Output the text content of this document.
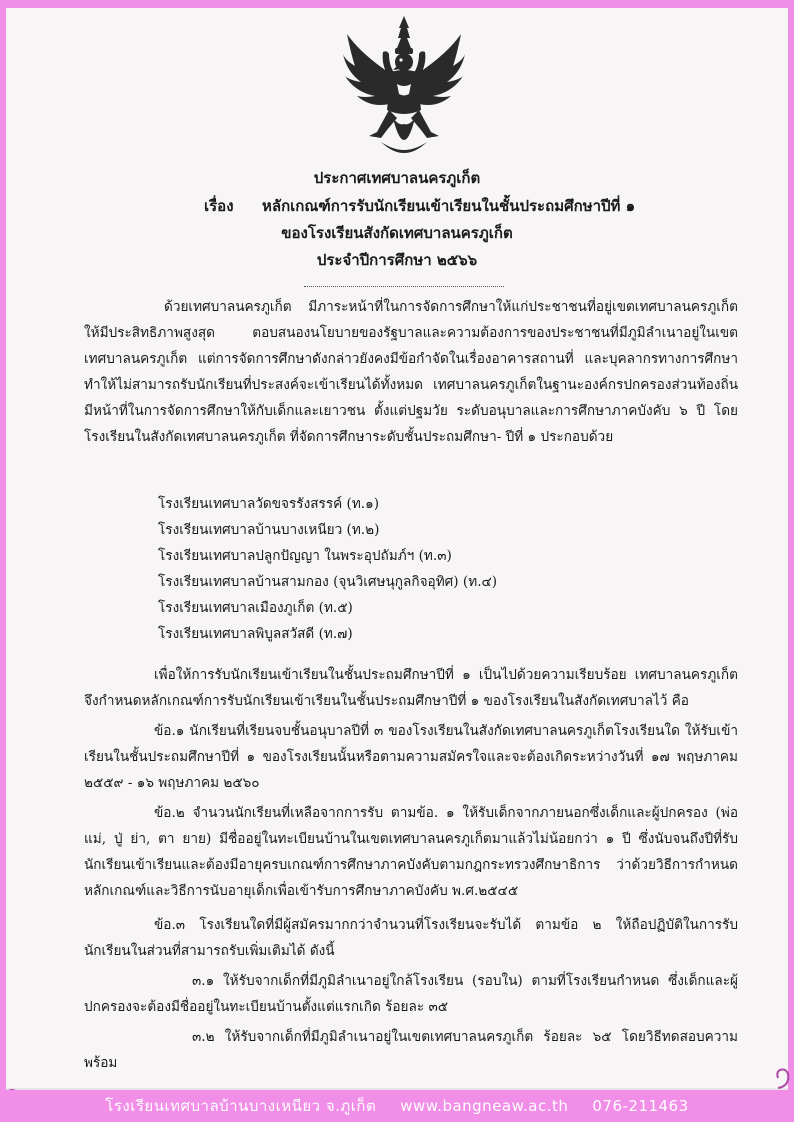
ประกาศเทศบาลนครภูเก็ต
เรื่อง หลักเกณฑ์การรับนักเรียนเข้าเรียนในชั้นประถมศึกษาปีที่ ๑
ของโรงเรียนสังกัดเทศบาลนครภูเก็ต
ประจำปีการศึกษา ๒๕๖๖

ด้วยเทศบาลนครภูเก็ต มีภาระหน้าที่ในการจัดการศึกษาให้แก่ประชาชนที่อยู่เขตเทศบาลนครภูเก็ต ให้มีประสิทธิภาพสูงสุด ตอบสนองนโยบายของรัฐบาลและความต้องการของประชาชนที่มีภูมิลำเนาอยู่ในเขตเทศบาลนครภูเก็ต แต่การจัดการศึกษาดังกล่าวยังคงมีข้อกำจัดในเรื่องอาคารสถานที่ และบุคลากรทางการศึกษา ทำให้ไม่สามารถรับนักเรียนที่ประสงค์จะเข้าเรียนได้ทั้งหมด เทศบาลนครภูเก็ตในฐานะองค์กรปกครองส่วนท้องถิ่น มีหน้าที่ในการจัดการศึกษาให้กับเด็กและเยาวชน ตั้งแต่ปฐมวัย ระดับอนุบาลและการศึกษาภาคบังคับ ๖ ปี โดยโรงเรียนในสังกัดเทศบาลนครภูเก็ต ที่จัดการศึกษาระดับชั้นประถมศึกษา- ปีที่ ๑ ประกอบด้วย

โรงเรียนเทศบาลวัดขจรรังสรรค์ (ท.๑)
โรงเรียนเทศบาลบ้านบางเหนียว (ท.๒)
โรงเรียนเทศบาลปลูกปัญญา ในพระอุปถัมภ์ฯ (ท.๓)
โรงเรียนเทศบาลบ้านสามกอง (จุนวิเศษนุกูลกิจอุทิศ) (ท.๔)
โรงเรียนเทศบาลเมืองภูเก็ต (ท.๕)
โรงเรียนเทศบาลพิบูลสวัสดี (ท.๗)

เพื่อให้การรับนักเรียนเข้าเรียนในชั้นประถมศึกษาปีที่ ๑ เป็นไปด้วยความเรียบร้อย เทศบาลนครภูเก็ต จึงกำหนดหลักเกณฑ์การรับนักเรียนเข้าเรียนในชั้นประถมศึกษาปีที่ ๑ ของโรงเรียนในสังกัดเทศบาลไว้ คือ

ข้อ.๑ นักเรียนที่เรียนจบชั้นอนุบาลปีที่ ๓ ของโรงเรียนในสังกัดเทศบาลนครภูเก็ตโรงเรียนใด ให้รับเข้าเรียนในชั้นประถมศึกษาปีที่ ๑ ของโรงเรียนนั้นหรือตามความสมัครใจและจะต้องเกิดระหว่างวันที่ ๑๗ พฤษภาคม ๒๕๕๙ - ๑๖ พฤษภาคม ๒๕๖๐

ข้อ.๒ จำนวนนักเรียนที่เหลือจากการรับ ตามข้อ. ๑ ให้รับเด็กจากภายนอกซึ่งเด็กและผู้ปกครอง (พ่อ แม่, ปู่ ย่า, ตา ยาย) มีชื่ออยู่ในทะเบียนบ้านในเขตเทศบาลนครภูเก็ตมาแล้วไม่น้อยกว่า ๑ ปี ซึ่งนับจนถึงปีที่รับนักเรียนเข้าเรียนและต้องมีอายุครบเกณฑ์การศึกษาภาคบังคับตามกฎกระทรวงศึกษาธิการ ว่าด้วยวิธีการกำหนดหลักเกณฑ์และวิธีการนับอายุเด็กเพื่อเข้ารับการศึกษาภาคบังคับ พ.ศ.๒๕๔๕

ข้อ.๓ โรงเรียนใดที่มีผู้สมัครมากกว่าจำนวนที่โรงเรียนจะรับได้ ตามข้อ ๒ ให้ถือปฏิบัติในการรับนักเรียนในส่วนที่สามารถรับเพิ่มเติมได้ ดังนี้

๓.๑ ให้รับจากเด็กที่มีภูมิลำเนาอยู่ใกล้โรงเรียน (รอบใน) ตามที่โรงเรียนกำหนด ซึ่งเด็กและผู้ปกครองจะต้องมีชื่ออยู่ในทะเบียนบ้านตั้งแต่แรกเกิด ร้อยละ ๓๕

๓.๒ ให้รับจากเด็กที่มีภูมิลำเนาอยู่ในเขตเทศบาลนครภูเก็ต ร้อยละ ๖๕ โดยวิธีทดสอบความพร้อม

โรงเรียนเทศบาลบ้านบางเหนียว จ.ภูเก็ต www.bangneaw.ac.th 076-211463
